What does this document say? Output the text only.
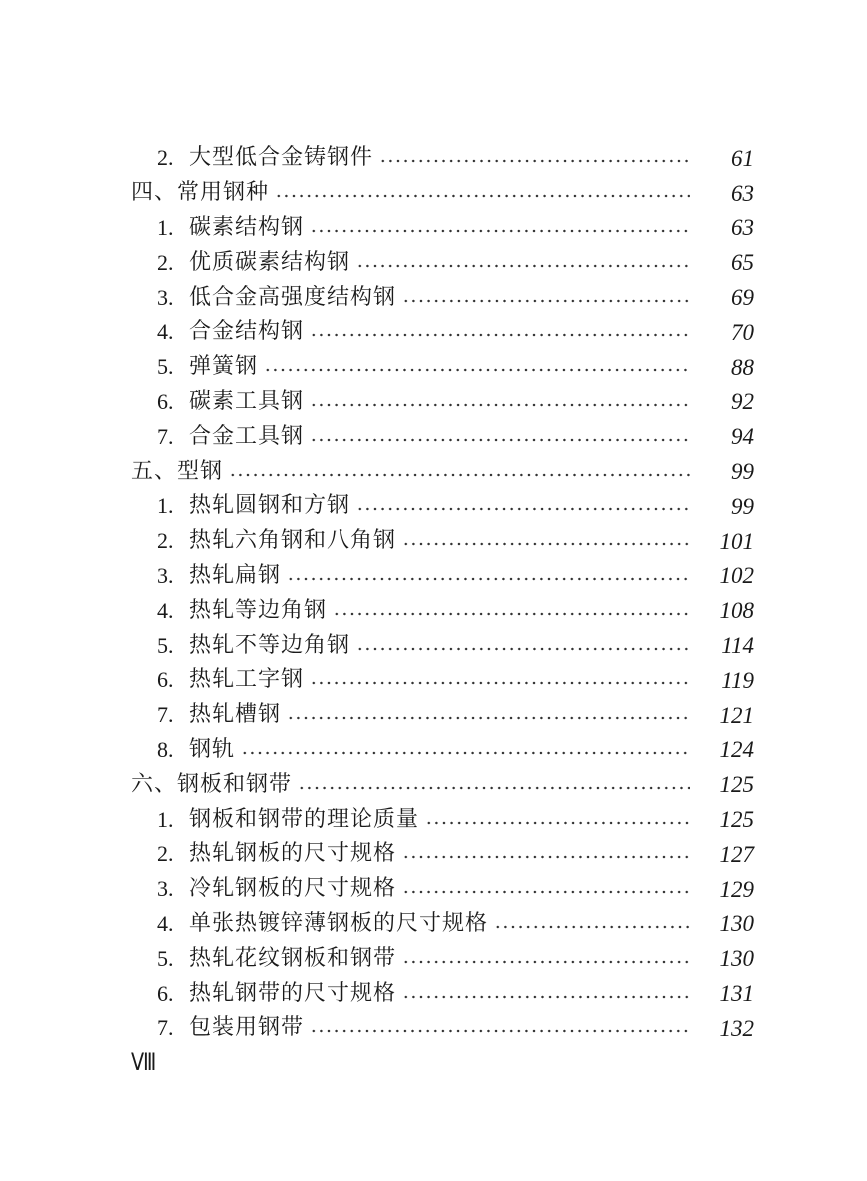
2. 大型低合金铸钢件	61
四、常用钢种	63
1. 碳素结构钢	63
2. 优质碳素结构钢	65
3. 低合金高强度结构钢	69
4. 合金结构钢	70
5. 弹簧钢	88
6. 碳素工具钢	92
7. 合金工具钢	94
五、型钢	99
1. 热轧圆钢和方钢	99
2. 热轧六角钢和八角钢	101
3. 热轧扁钢	102
4. 热轧等边角钢	108
5. 热轧不等边角钢	114
6. 热轧工字钢	119
7. 热轧槽钢	121
8. 钢轨	124
六、钢板和钢带	125
1. 钢板和钢带的理论质量	125
2. 热轧钢板的尺寸规格	127
3. 冷轧钢板的尺寸规格	129
4. 单张热镀锌薄钢板的尺寸规格	130
5. 热轧花纹钢板和钢带	130
6. 热轧钢带的尺寸规格	131
7. 包装用钢带	132
Ⅷ
